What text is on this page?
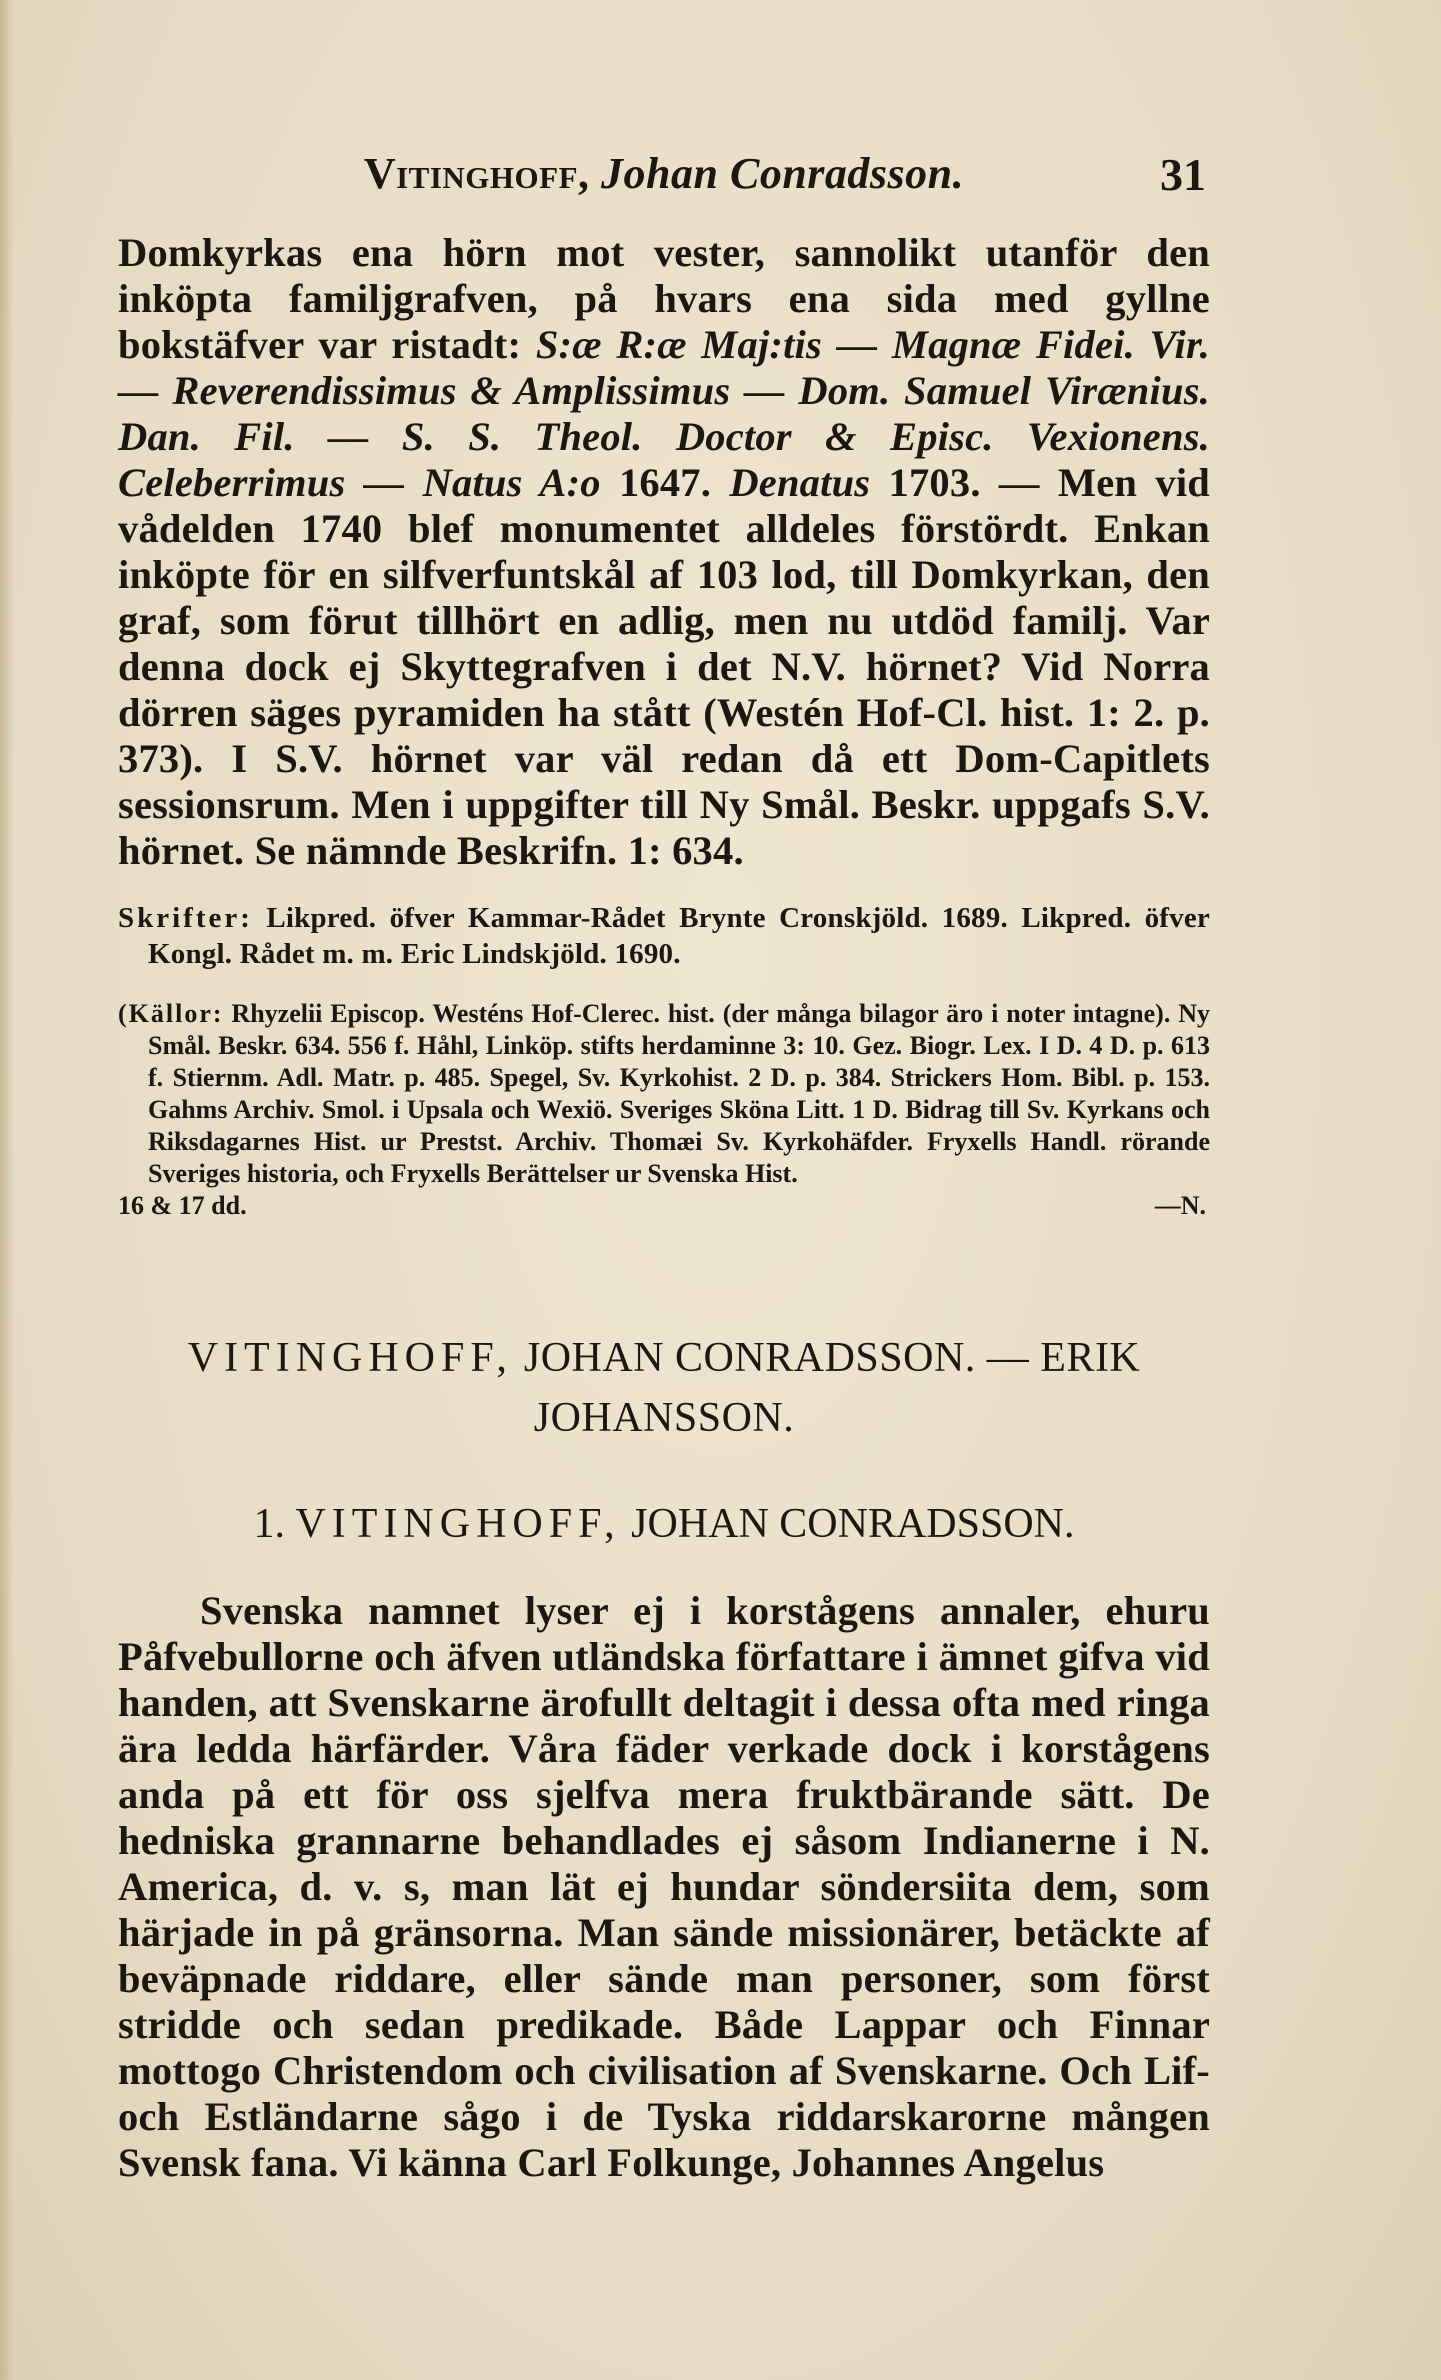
Vitinghoff, Johan Conradsson.	31

Domkyrkas ena hörn mot vester, sannolikt utanför den inköpta familjgrafven, på hvars ena sida med gyllne bokstäfver var ristadt: S:æ R:æ Maj:tis — Magnæ Fidei. Vir. — Reverendissimus & Amplissimus — Dom. Samuel Virænius. Dan. Fil. — S. S. Theol. Doctor & Episc. Vexionens. Celeberrimus — Natus A:o 1647. Denatus 1703. — Men vid vådelden 1740 blef monumentet alldeles förstördt. Enkan inköpte för en silfverfuntskål af 103 lod, till Domkyrkan, den graf, som förut tillhört en adlig, men nu utdöd familj. Var denna dock ej Skyttegrafven i det N.V. hörnet? Vid Norra dörren säges pyramiden ha stått (Westén Hof-Cl. hist. 1: 2. p. 373). I S.V. hörnet var väl redan då ett Dom-Capitlets sessionsrum. Men i uppgifter till Ny Smål. Beskr. uppgafs S.V. hörnet. Se nämnde Beskrifn. 1: 634.

Skrifter: Likpred. öfver Kammar-Rådet Brynte Cronskjöld. 1689. Likpred. öfver Kongl. Rådet m. m. Eric Lindskjöld. 1690.

(Källor: Rhyzelii Episcop. Westéns Hof-Clerec. hist. (der många bilagor äro i noter intagne). Ny Smål. Beskr. 634. 556 f. Håhl, Linköp. stifts herdaminne 3: 10. Gez. Biogr. Lex. I D. 4 D. p. 613 f. Stiernm. Adl. Matr. p. 485. Spegel, Sv. Kyrkohist. 2 D. p. 384. Strickers Hom. Bibl. p. 153. Gahms Archiv. Smol. i Upsala och Wexiö. Sveriges Sköna Litt. 1 D. Bidrag till Sv. Kyrkans och Riksdagarnes Hist. ur Prestst. Archiv. Thomæi Sv. Kyrkohäfder. Fryxells Handl. rörande Sveriges historia, och Fryxells Berättelser ur Svenska Hist.
16 & 17 dd.	—N.
VITINGHOFF, JOHAN CONRADSSON. — ERIK
JOHANSSON.
1. VITINGHOFF, JOHAN CONRADSSON.

Svenska namnet lyser ej i korstågens annaler, ehuru Påfvebullorne och äfven utländska författare i ämnet gifva vid handen, att Svenskarne ärofullt deltagit i dessa ofta med ringa ära ledda härfärder. Våra fäder verkade dock i korstågens anda på ett för oss sjelfva mera fruktbärande sätt. De hedniska grannarne behandlades ej såsom Indianerne i N. America, d. v. s, man lät ej hundar söndersiita dem, som härjade in på gränsorna. Man sände missionärer, betäckte af beväpnade riddare, eller sände man personer, som först stridde och sedan predikade. Både Lappar och Finnar mottogo Christendom och civilisation af Svenskarne. Och Lif- och Estländarne sågo i de Tyska riddarskarorne mången Svensk fana. Vi känna Carl Folkunge, Johannes Angelus
